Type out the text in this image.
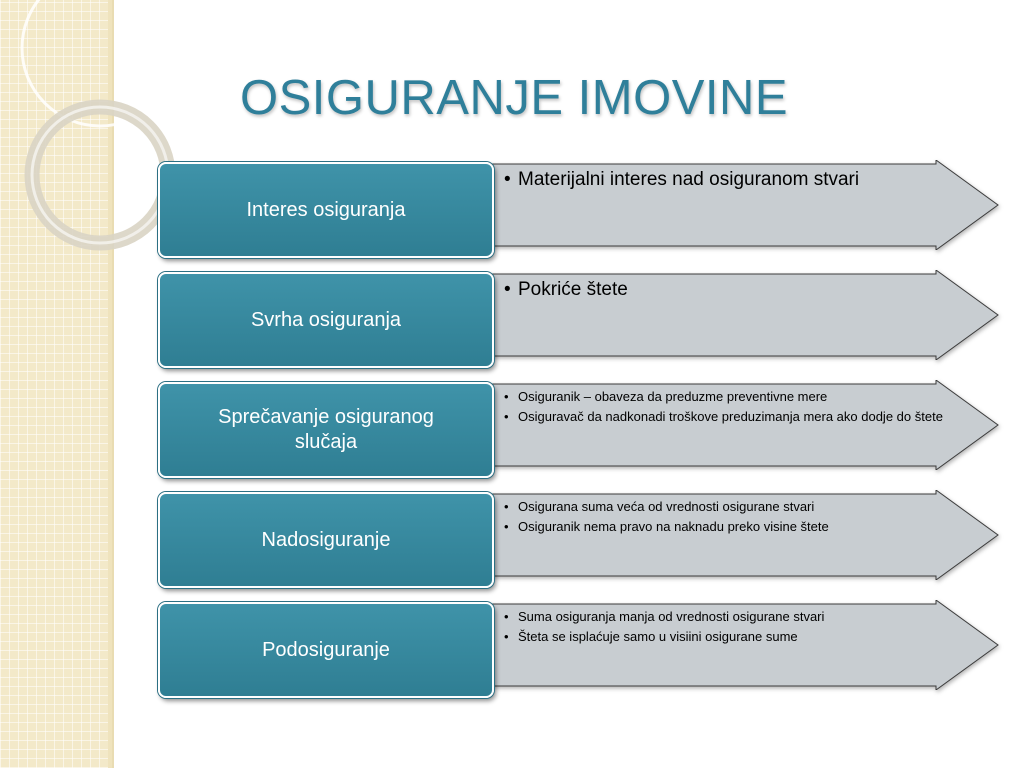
OSIGURANJE IMOVINE
Interes osiguranja
• Materijalni interes nad osiguranom stvari
Svrha osiguranja
• Pokriće štete
Sprečavanje osiguranog slučaja
• Osiguranik – obaveza da preduzme preventivne mere
• Osiguravač da nadkonadi troškove preduzimanja mera ako dodje do štete
Nadosiguranje
• Osigurana suma veća od vrednosti osigurane stvari
• Osiguranik nema pravo na naknadu preko visine štete
Podosiguranje
• Suma osiguranja manja od vrednosti osigurane stvari
• Šteta se isplaćuje samo u visiini osigurane sume
